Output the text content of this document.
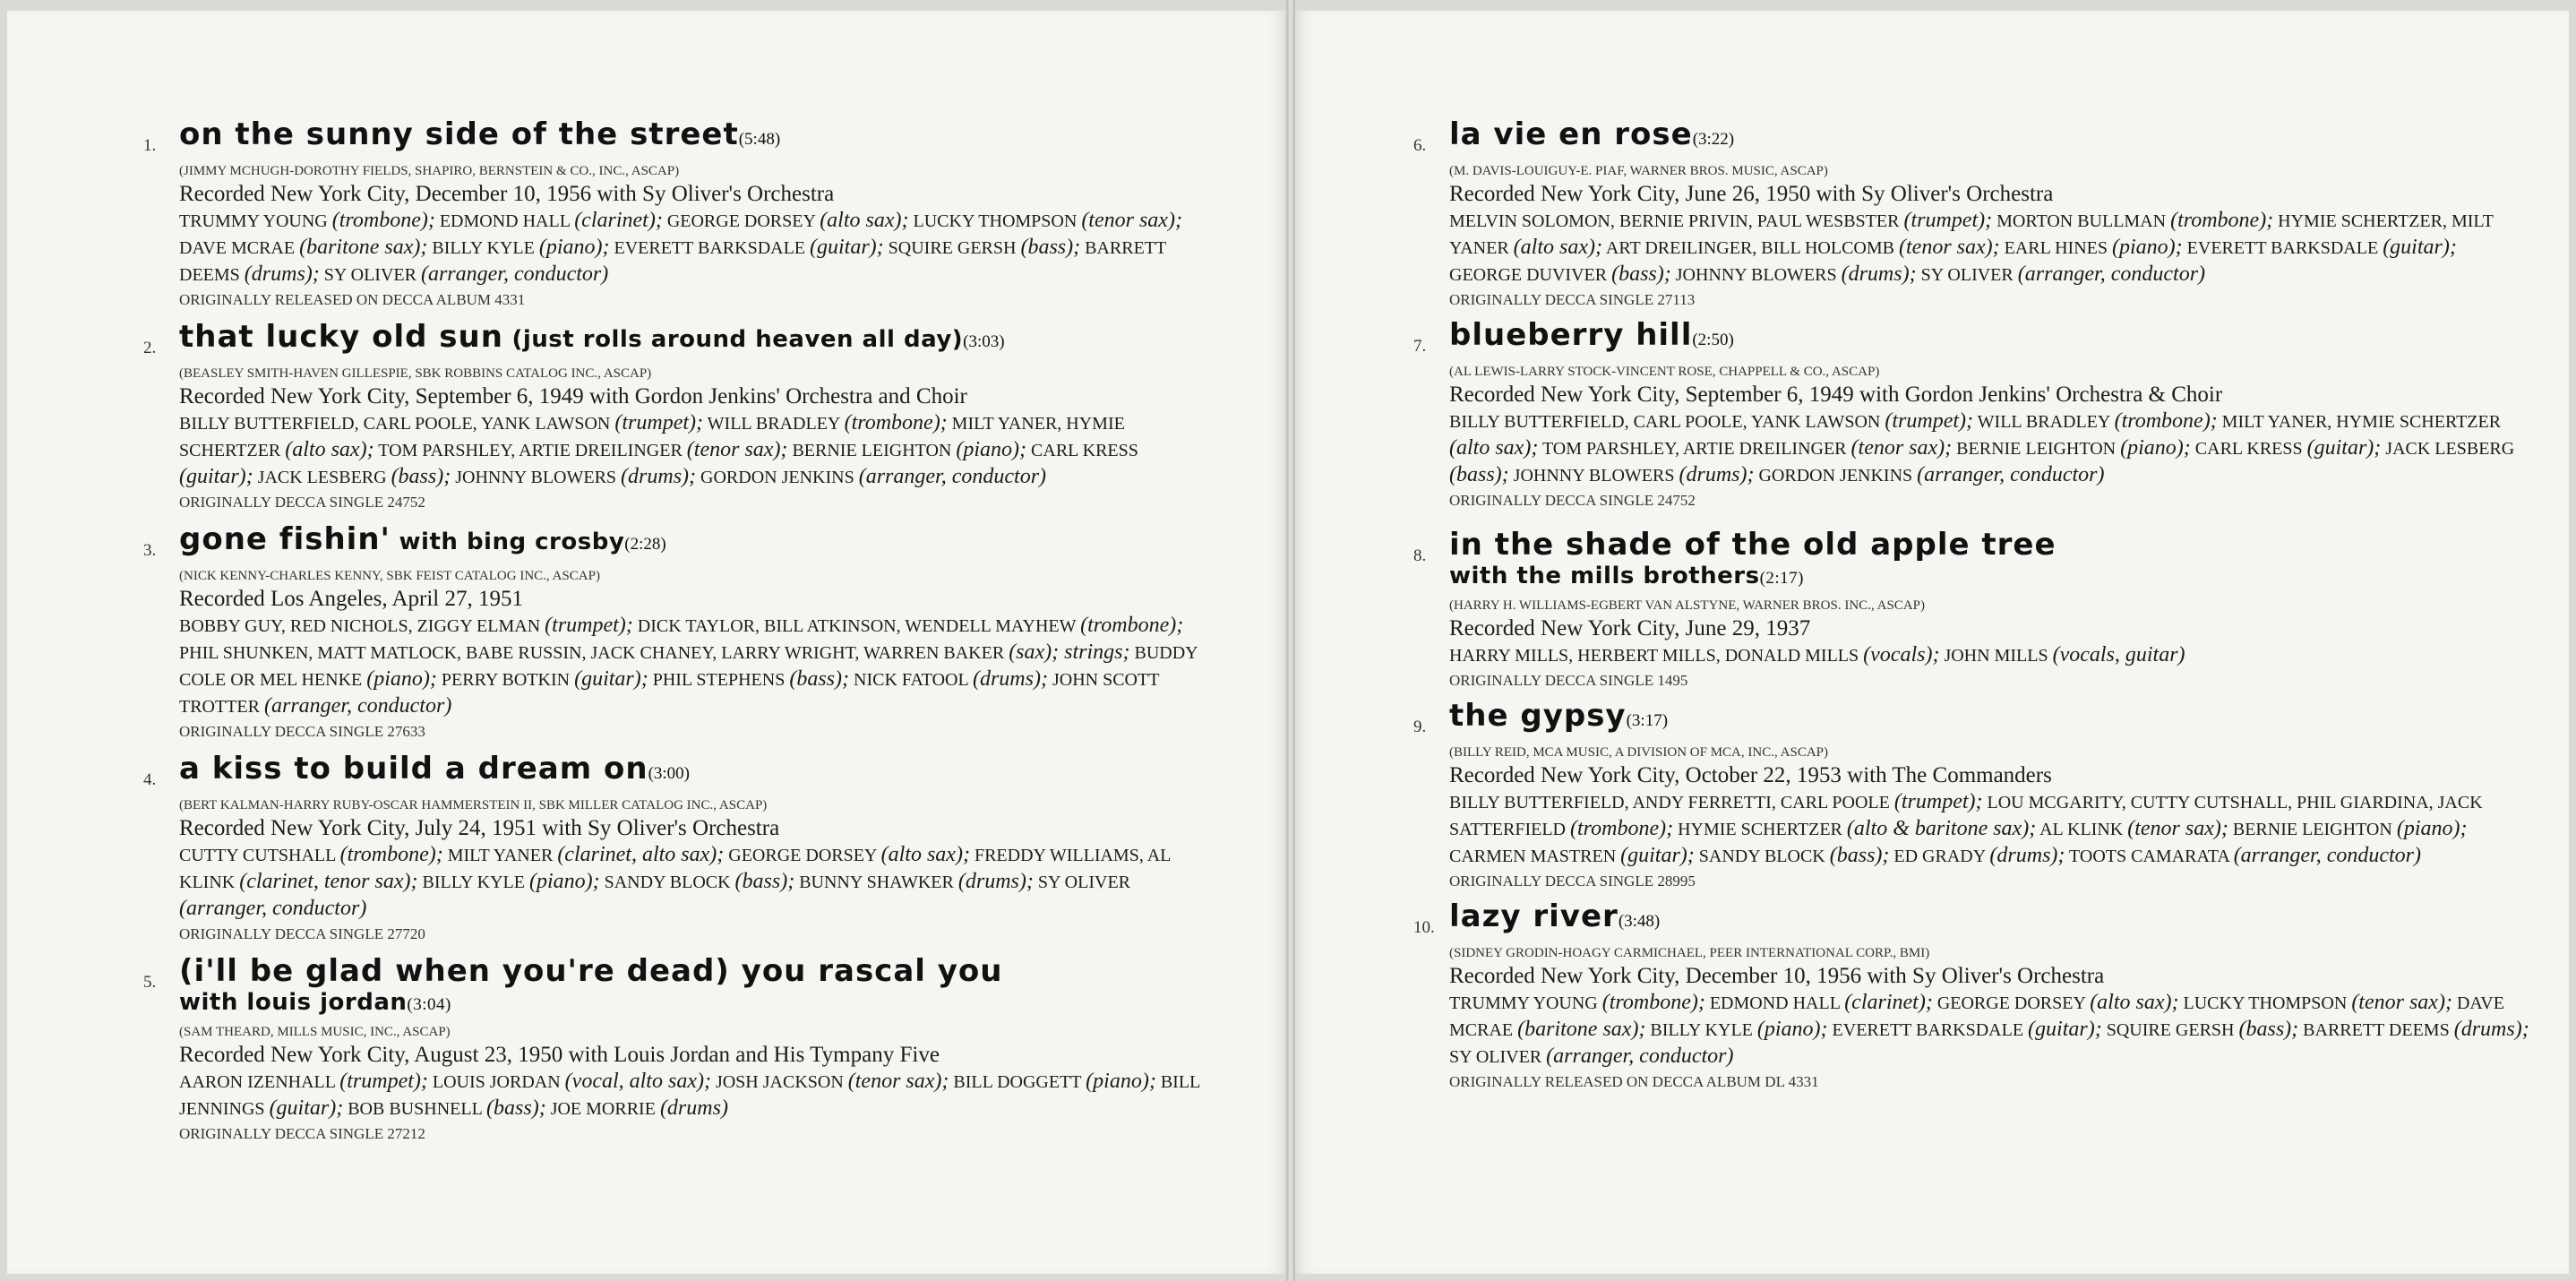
1. on the sunny side of the street(5:48)
(JIMMY MCHUGH-DOROTHY FIELDS, SHAPIRO, BERNSTEIN & CO., INC., ASCAP)
Recorded New York City, December 10, 1956 with Sy Oliver's Orchestra
TRUMMY YOUNG (trombone); EDMOND HALL (clarinet); GEORGE DORSEY (alto sax); LUCKY THOMPSON (tenor sax); DAVE MCRAE (baritone sax); BILLY KYLE (piano); EVERETT BARKSDALE (guitar); SQUIRE GERSH (bass); BARRETT DEEMS (drums); SY OLIVER (arranger, conductor)
ORIGINALLY RELEASED ON DECCA ALBUM 4331
2. that lucky old sun (just rolls around heaven all day)(3:03)
(BEASLEY SMITH-HAVEN GILLESPIE, SBK ROBBINS CATALOG INC., ASCAP)
Recorded New York City, September 6, 1949 with Gordon Jenkins' Orchestra and Choir
BILLY BUTTERFIELD, CARL POOLE, YANK LAWSON (trumpet); WILL BRADLEY (trombone); MILT YANER, HYMIE SCHERTZER (alto sax); TOM PARSHLEY, ARTIE DREILINGER (tenor sax); BERNIE LEIGHTON (piano); CARL KRESS (guitar); JACK LESBERG (bass); JOHNNY BLOWERS (drums); GORDON JENKINS (arranger, conductor)
ORIGINALLY DECCA SINGLE 24752
3. gone fishin' with bing crosby(2:28)
(NICK KENNY-CHARLES KENNY, SBK FEIST CATALOG INC., ASCAP)
Recorded Los Angeles, April 27, 1951
BOBBY GUY, RED NICHOLS, ZIGGY ELMAN (trumpet); DICK TAYLOR, BILL ATKINSON, WENDELL MAYHEW (trombone); PHIL SHUNKEN, MATT MATLOCK, BABE RUSSIN, JACK CHANEY, LARRY WRIGHT, WARREN BAKER (sax); strings; BUDDY COLE OR MEL HENKE (piano); PERRY BOTKIN (guitar); PHIL STEPHENS (bass); NICK FATOOL (drums); JOHN SCOTT TROTTER (arranger, conductor)
ORIGINALLY DECCA SINGLE 27633
4. a kiss to build a dream on(3:00)
(BERT KALMAN-HARRY RUBY-OSCAR HAMMERSTEIN II, SBK MILLER CATALOG INC., ASCAP)
Recorded New York City, July 24, 1951 with Sy Oliver's Orchestra
CUTTY CUTSHALL (trombone); MILT YANER (clarinet, alto sax); GEORGE DORSEY (alto sax); FREDDY WILLIAMS, AL KLINK (clarinet, tenor sax); BILLY KYLE (piano); SANDY BLOCK (bass); BUNNY SHAWKER (drums); SY OLIVER (arranger, conductor)
ORIGINALLY DECCA SINGLE 27720
5. (i'll be glad when you're dead) you rascal you
with louis jordan(3:04)
(SAM THEARD, MILLS MUSIC, INC., ASCAP)
Recorded New York City, August 23, 1950 with Louis Jordan and His Tympany Five
AARON IZENHALL (trumpet); LOUIS JORDAN (vocal, alto sax); JOSH JACKSON (tenor sax); BILL DOGGETT (piano); BILL JENNINGS (guitar); BOB BUSHNELL (bass); JOE MORRIE (drums)
ORIGINALLY DECCA SINGLE 27212
6. la vie en rose(3:22)
(M. DAVIS-LOUIGUY-E. PIAF, WARNER BROS. MUSIC, ASCAP)
Recorded New York City, June 26, 1950 with Sy Oliver's Orchestra
MELVIN SOLOMON, BERNIE PRIVIN, PAUL WESBSTER (trumpet); MORTON BULLMAN (trombone); HYMIE SCHERTZER, MILT YANER (alto sax); ART DREILINGER, BILL HOLCOMB (tenor sax); EARL HINES (piano); EVERETT BARKSDALE (guitar); GEORGE DUVIVER (bass); JOHNNY BLOWERS (drums); SY OLIVER (arranger, conductor)
ORIGINALLY DECCA SINGLE 27113
7. blueberry hill(2:50)
(AL LEWIS-LARRY STOCK-VINCENT ROSE, CHAPPELL & CO., ASCAP)
Recorded New York City, September 6, 1949 with Gordon Jenkins' Orchestra & Choir
BILLY BUTTERFIELD, CARL POOLE, YANK LAWSON (trumpet); WILL BRADLEY (trombone); MILT YANER, HYMIE SCHERTZER (alto sax); TOM PARSHLEY, ARTIE DREILINGER (tenor sax); BERNIE LEIGHTON (piano); CARL KRESS (guitar); JACK LESBERG (bass); JOHNNY BLOWERS (drums); GORDON JENKINS (arranger, conductor)
ORIGINALLY DECCA SINGLE 24752
8. in the shade of the old apple tree
with the mills brothers(2:17)
(HARRY H. WILLIAMS-EGBERT VAN ALSTYNE, WARNER BROS. INC., ASCAP)
Recorded New York City, June 29, 1937
HARRY MILLS, HERBERT MILLS, DONALD MILLS (vocals); JOHN MILLS (vocals, guitar)
ORIGINALLY DECCA SINGLE 1495
9. the gypsy(3:17)
(BILLY REID, MCA MUSIC, A DIVISION OF MCA, INC., ASCAP)
Recorded New York City, October 22, 1953 with The Commanders
BILLY BUTTERFIELD, ANDY FERRETTI, CARL POOLE (trumpet); LOU MCGARITY, CUTTY CUTSHALL, PHIL GIARDINA, JACK SATTERFIELD (trombone); HYMIE SCHERTZER (alto & baritone sax); AL KLINK (tenor sax); BERNIE LEIGHTON (piano); CARMEN MASTREN (guitar); SANDY BLOCK (bass); ED GRADY (drums); TOOTS CAMARATA (arranger, conductor)
ORIGINALLY DECCA SINGLE 28995
10. lazy river(3:48)
(SIDNEY GRODIN-HOAGY CARMICHAEL, PEER INTERNATIONAL CORP., BMI)
Recorded New York City, December 10, 1956 with Sy Oliver's Orchestra
TRUMMY YOUNG (trombone); EDMOND HALL (clarinet); GEORGE DORSEY (alto sax); LUCKY THOMPSON (tenor sax); DAVE MCRAE (baritone sax); BILLY KYLE (piano); EVERETT BARKSDALE (guitar); SQUIRE GERSH (bass); BARRETT DEEMS (drums); SY OLIVER (arranger, conductor)
ORIGINALLY RELEASED ON DECCA ALBUM DL 4331
